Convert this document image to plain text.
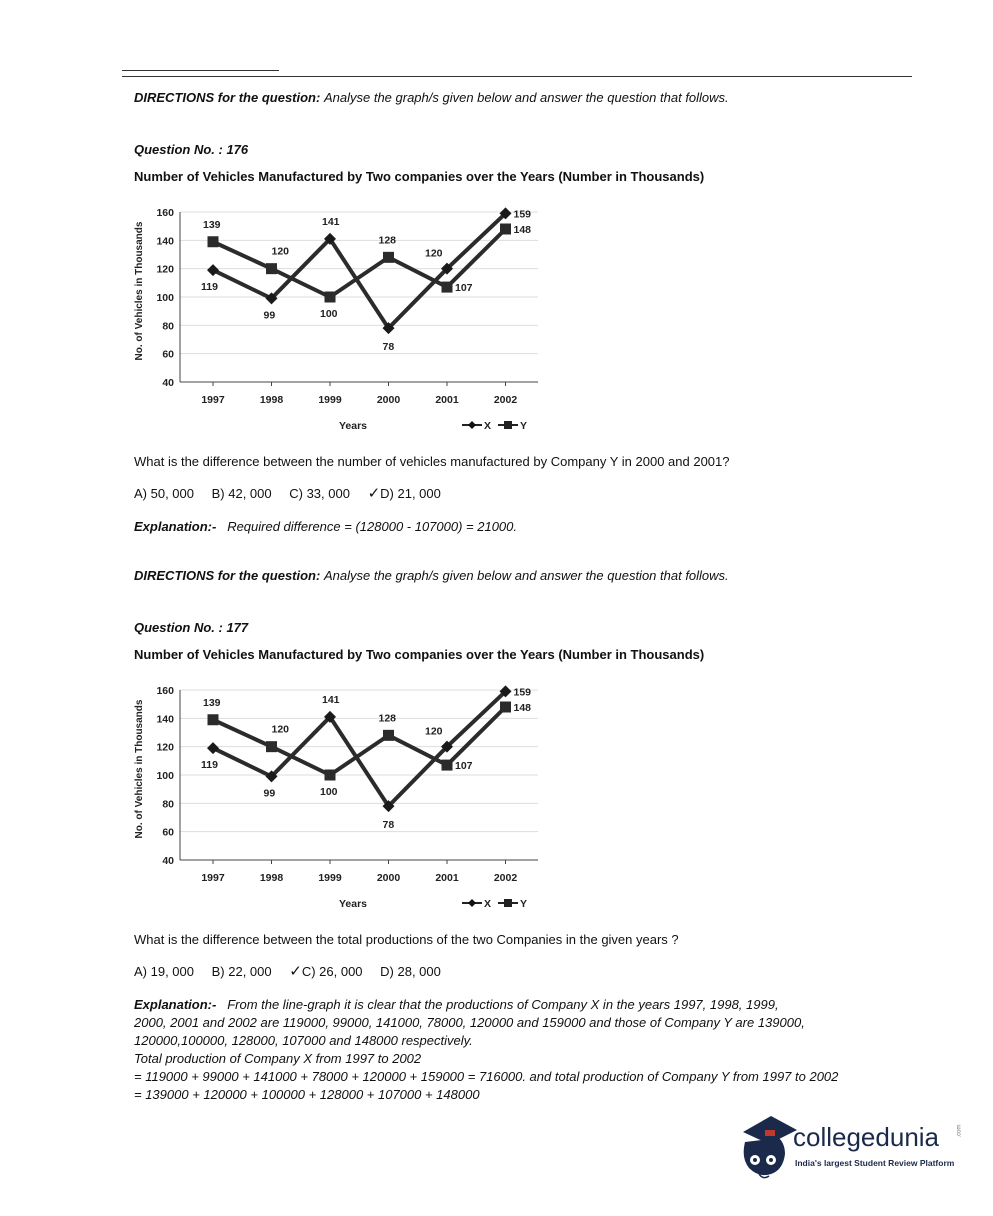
DIRECTIONS for the question: Analyse the graph/s given below and answer the question that follows.
Question No. : 176
Number of Vehicles Manufactured by Two companies over the Years (Number in Thousands)
40
60
80
100
120
140
160
1997	1998	1999	2000	2001	2002
Years
No. of Vehicles in Thousands	119
99
141
78
120
159
139
120
100
128
107
148
X	Y
What is the difference between the number of vehicles manufactured by Company Y in 2000 and 2001?
A) 50, 000 B) 42, 000 C) 33, 000 ✓D) 21, 000
Explanation:- Required difference = (128000 - 107000) = 21000.
DIRECTIONS for the question: Analyse the graph/s given below and answer the question that follows.
Question No. : 177
Number of Vehicles Manufactured by Two companies over the Years (Number in Thousands)
40
60
80
100
120
140
160
1997	1998	1999	2000	2001	2002
Years
No. of Vehicles in Thousands	119
99
141
78
120
159
139
120
100
128
107
148
X	Y
What is the difference between the total productions of the two Companies in the given years ?
A) 19, 000 B) 22, 000 ✓C) 26, 000 D) 28, 000
Explanation:- From the line-graph it is clear that the productions of Company X in the years 1997, 1998, 1999,
2000, 2001 and 2002 are 119000, 99000, 141000, 78000, 120000 and 159000 and those of Company Y are 139000,
120000,100000, 128000, 107000 and 148000 respectively.
Total production of Company X from 1997 to 2002
= 119000 + 99000 + 141000 + 78000 + 120000 + 159000 = 716000. and total production of Company Y from 1997 to 2002
= 139000 + 120000 + 100000 + 128000 + 107000 + 148000
collegedunia
India's largest Student Review Platform
.com
